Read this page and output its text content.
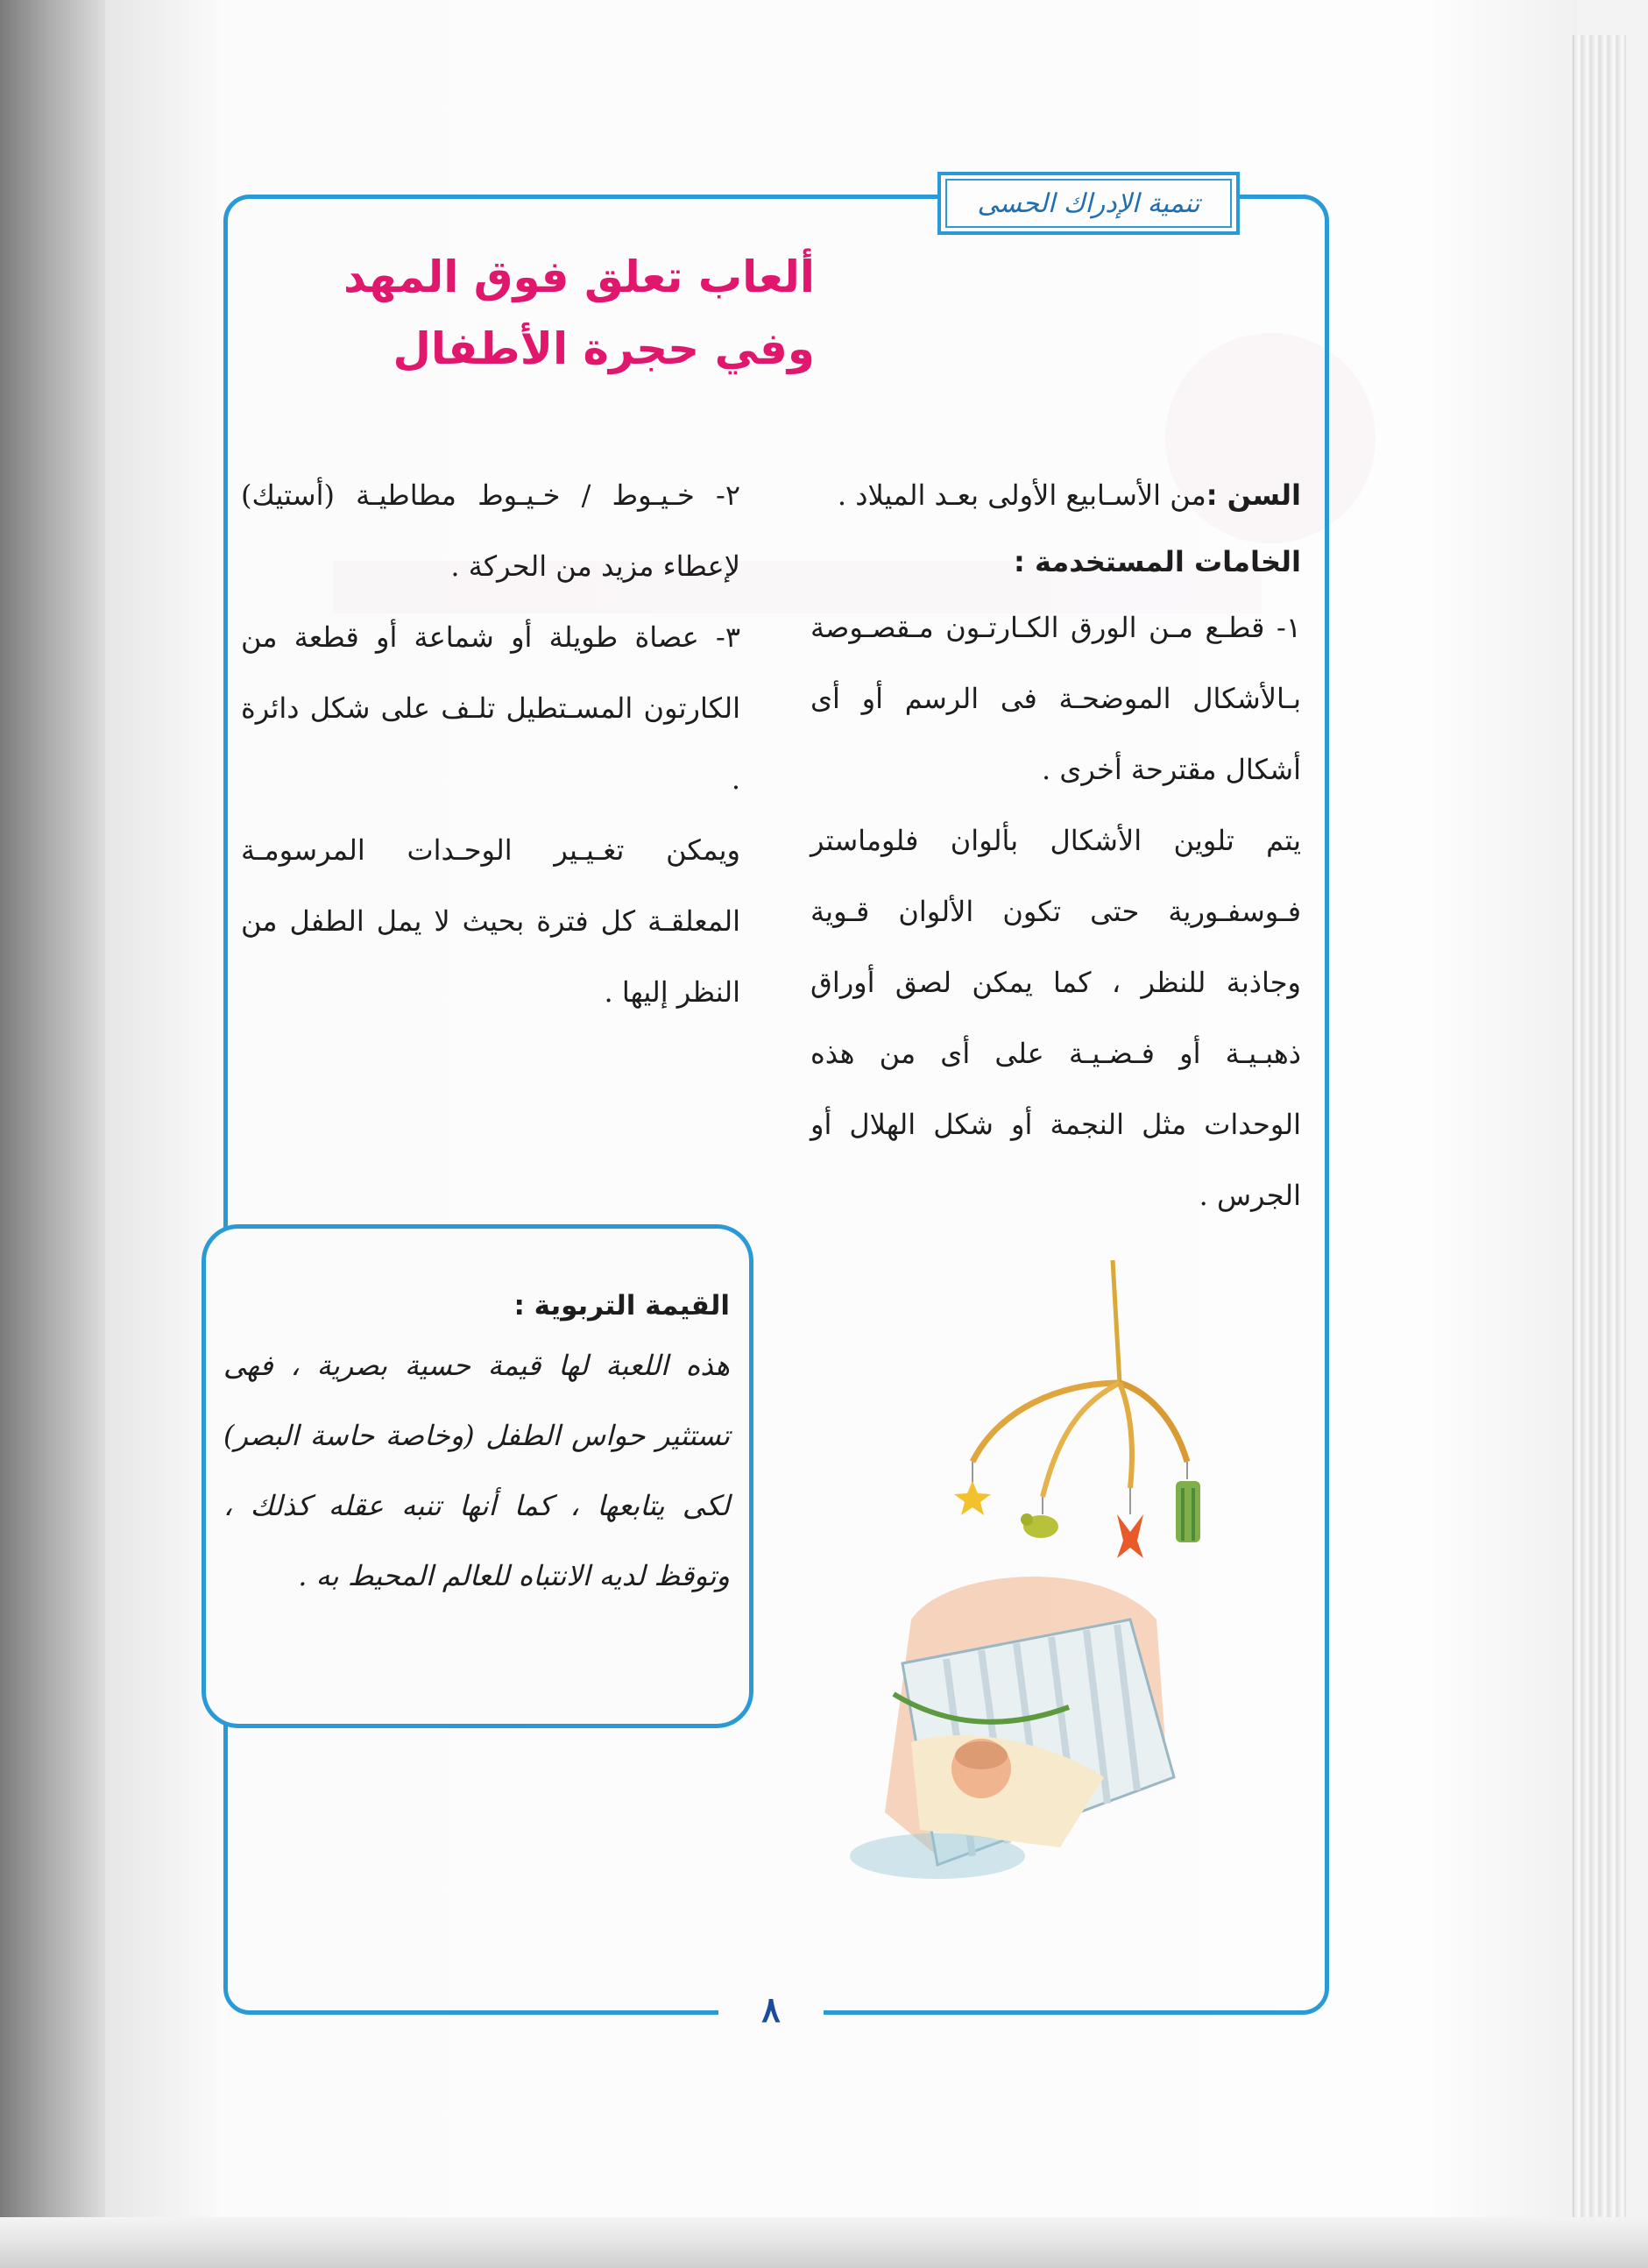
تنمية الإدراك الحسى
ألعاب تعلق فوق المهد
وفي حجرة الأطفال

السن :من الأسـابيع الأولى بعـد الميلاد .

الخامات المستخدمة :

١- قطـع مـن الورق الكـارتـون مـقصـوصة بـالأشكال الموضحـة فى الرسم أو أى أشكال مقترحة أخرى .

يتم تلوين الأشكال بألوان فلوماستر فـوسفـورية حتى تكون الألوان قـوية وجاذبة للنظر ، كما يمكن لصق أوراق ذهبـيـة أو فـضـيـة على أى من هذه الوحدات مثل النجمة أو شكل الهلال أو الجرس .

٢- خـيـوط / خـيـوط مطاطيـة (أستيك) لإعطاء مزيد من الحركة .

٣- عصاة طويلة أو شماعة أو قطعة من الكارتون المسـتطيل تلـف على شكل دائرة .

ويمكن تغـيـير الوحـدات المرسومـة المعلقـة كل فترة بحيث لا يمل الطفل من النظر إليها .

القيمة التربوية :

هذه اللعبة لها قيمة حسية بصرية ، فهى تستثير حواس الطفل (وخاصة حاسة البصر) لكى يتابعها ، كما أنها تنبه عقله كذلك ، وتوقظ لديه الانتباه للعالم المحيط به .

٨
